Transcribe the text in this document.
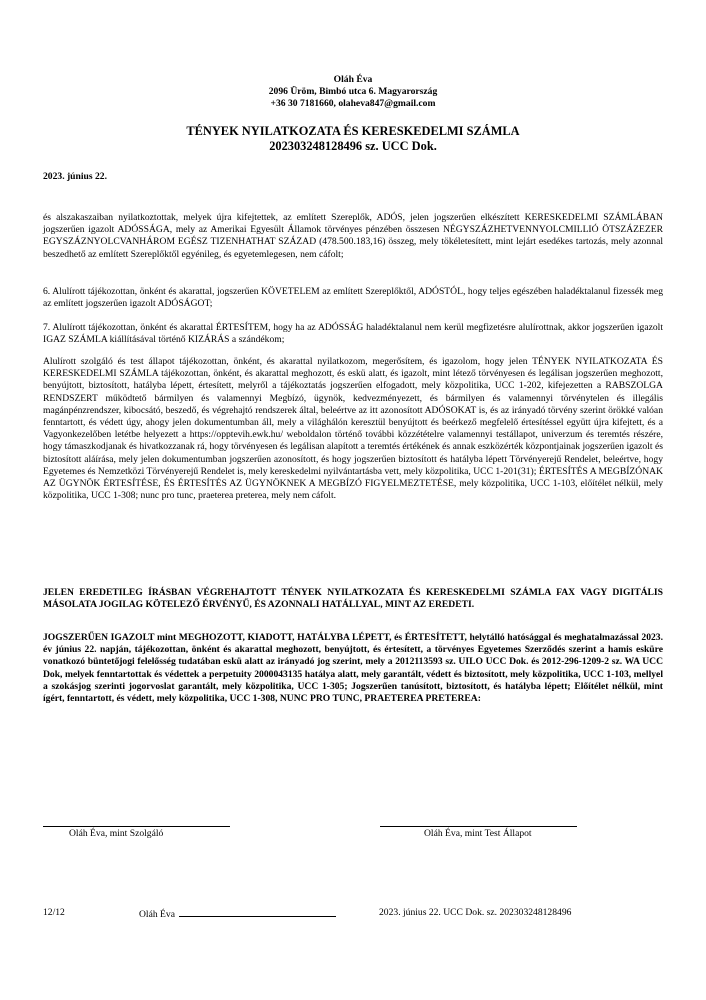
Oláh Éva
2096 Üröm, Bimbó utca 6. Magyarország
+36 30 7181660, olaheva847@gmail.com
TÉNYEK NYILATKOZATA ÉS KERESKEDELMI SZÁMLA
202303248128496 sz. UCC Dok.
2023. június 22.
és alszakaszaiban nyilatkoztottak, melyek újra kifejtettek, az említett Szereplők, ADÓS, jelen jogszerűen elkészített KERESKEDELMI SZÁMLÁBAN jogszerűen igazolt ADÓSSÁGA, mely az Amerikai Egyesült Államok törvényes pénzében összesen NÉGYSZÁZHETVENNYOLCMILLIÓ ÖTSZÁZEZER EGYSZÁZNYOLCVANHÁROM EGÉSZ TIZENHATHAT SZÁZAD (478.500.183,16) összeg, mely tökéletesített, mint lejárt esedékes tartozás, mely azonnal beszedhető az említett Szereplőktől egyénileg, és egyetemlegesen, nem cáfolt;
6. Alulírott tájékozottan, önként és akarattal, jogszerűen KÖVETELEM az említett Szereplőktől, ADÓSTÓL, hogy teljes egészében haladéktalanul fizessék meg az említett jogszerűen igazolt ADÓSÁGOT;
7. Alulírott tájékozottan, önként és akarattal ÉRTESÍTEM, hogy ha az ADÓSSÁG haladéktalanul nem kerül megfizetésre alulírottnak, akkor jogszerűen igazolt IGAZ SZÁMLA kiállításával történő KIZÁRÁS a szándékom;
Alulírott szolgáló és test állapot tájékozottan, önként, és akarattal nyilatkozom, megerősítem, és igazolom, hogy jelen TÉNYEK NYILATKOZATA ÉS KERESKEDELMI SZÁMLA tájékozottan, önként, és akarattal meghozott, és eskü alatt, és igazolt, mint létező törvényesen és legálisan jogszerűen meghozott, benyújtott, biztosított, hatályba lépett, értesített, melyről a tájékoztatás jogszerűen elfogadott, mely közpolitika, UCC 1-202, kifejezetten a RABSZOLGA RENDSZERT működtető bármilyen és valamennyi Megbízó, ügynök, kedvezményezett, és bármilyen és valamennyi törvénytelen és illegális magánpénzrendszer, kibocsátó, beszedő, és végrehajtó rendszerek által, beleértve az itt azonosított ADÓSOKAT is, és az irányadó törvény szerint örökké valóan fenntartott, és védett úgy, ahogy jelen dokumentumban áll, mely a világhálón keresztül benyújtott és beérkező megfelelő értesítéssel együtt újra kifejtett, és a Vagyonkezelőben letétbe helyezett a https://opptevih.ewk.hu/ weboldalon történő további közzétételre valamennyi testállapot, univerzum és teremtés részére, hogy támaszkodjanak és hivatkozzanak rá, hogy törvényesen és legálisan alapított a teremtés értékének és annak eszközérték központjainak jogszerűen igazolt és biztosított aláírása, mely jelen dokumentumban jogszerűen azonosított, és hogy jogszerűen biztosított és hatályba lépett Törvényerejű Rendelet, beleértve, hogy Egyetemes és Nemzetközi Törvényerejű Rendelet is, mely kereskedelmi nyilvántartásba vett, mely közpolitika, UCC 1-201(31); ÉRTESÍTÉS A MEGBÍZÓNAK AZ ÜGYNÖK ÉRTESÍTÉSE, ÉS ÉRTESÍTÉS AZ ÜGYNÖKNEK A MEGBÍZÓ FIGYELMEZTETÉSE, mely közpolitika, UCC 1-103, előítélet nélkül, mely közpolitika, UCC 1-308; nunc pro tunc, praeterea preterea, mely nem cáfolt.
JELEN EREDETILEG ÍRÁSBAN VÉGREHAJTOTT TÉNYEK NYILATKOZATA ÉS KERESKEDELMI SZÁMLA FAX VAGY DIGITÁLIS MÁSOLATA JOGILAG KÖTELEZŐ ÉRVÉNYŰ, ÉS AZONNALI HATÁLLYAL, MINT AZ EREDETI.
JOGSZERŰEN IGAZOLT mint MEGHOZOTT, KIADOTT, HATÁLYBA LÉPETT, és ÉRTESÍTETT, helytálló hatósággal és meghatalmazással 2023. év június 22. napján, tájékozottan, önként és akarattal meghozott, benyújtott, és értesített, a törvényes Egyetemes Szerződés szerint a hamis esküre vonatkozó büntetőjogi felelősség tudatában eskü alatt az irányadó jog szerint, mely a 2012113593 sz. UILO UCC Dok. és 2012-296-1209-2 sz. WA UCC Dok, melyek fenntartottak és védettek a perpetuity 2000043135 hatálya alatt, mely garantált, védett és biztosított, mely közpolitika, UCC 1-103, mellyel a szokásjog szerinti jogorvoslat garantált, mely közpolitika, UCC 1-305; Jogszerűen tanúsított, biztosított, és hatályba lépett; Előítélet nélkül, mint ígért, fenntartott, és védett, mely közpolitika, UCC 1-308, NUNC PRO TUNC, PRAETEREA PRETEREA:
Oláh Éva, mint Szolgáló	Oláh Éva, mint Test Állapot
12/12	Oláh Éva	2023. június 22. UCC Dok. sz. 202303248128496
